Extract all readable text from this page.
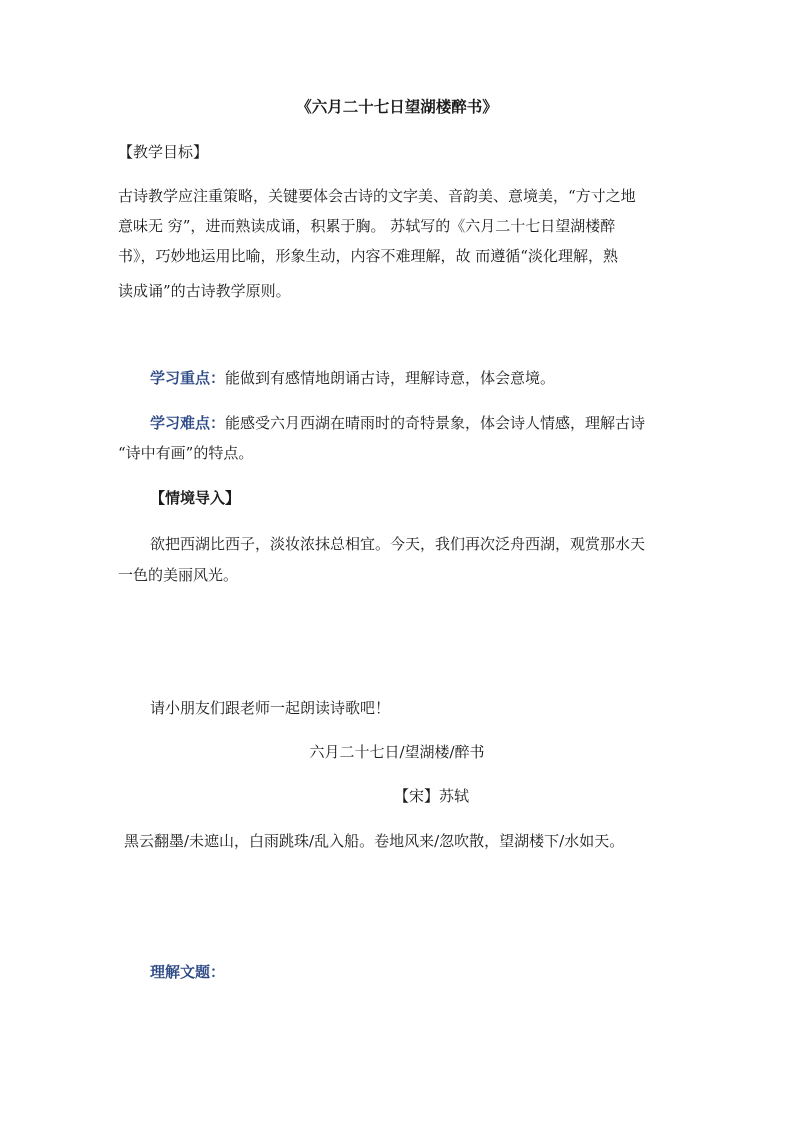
《六月二十七日望湖楼醉书》
【教学目标】
古诗教学应注重策略，关键要体会古诗的文字美、音韵美、意境美，“方寸之地
意味无 穷”，进而熟读成诵，积累于胸。 苏轼写的《六月二十七日望湖楼醉
书》，巧妙地运用比喻，形象生动，内容不难理解，故 而遵循“淡化理解，熟
读成诵”的古诗教学原则。
学习重点：能做到有感情地朗诵古诗，理解诗意，体会意境。
学习难点：能感受六月西湖在晴雨时的奇特景象，体会诗人情感，理解古诗
“诗中有画”的特点。
【情境导入】
欲把西湖比西子，淡妆浓抹总相宜。今天，我们再次泛舟西湖，观赏那水天
一色的美丽风光。
请小朋友们跟老师一起朗读诗歌吧！
六月二十七日/望湖楼/醉书
【宋】苏轼
黑云翻墨/未遮山，白雨跳珠/乱入船。卷地风来/忽吹散，望湖楼下/水如天。
理解文题：
